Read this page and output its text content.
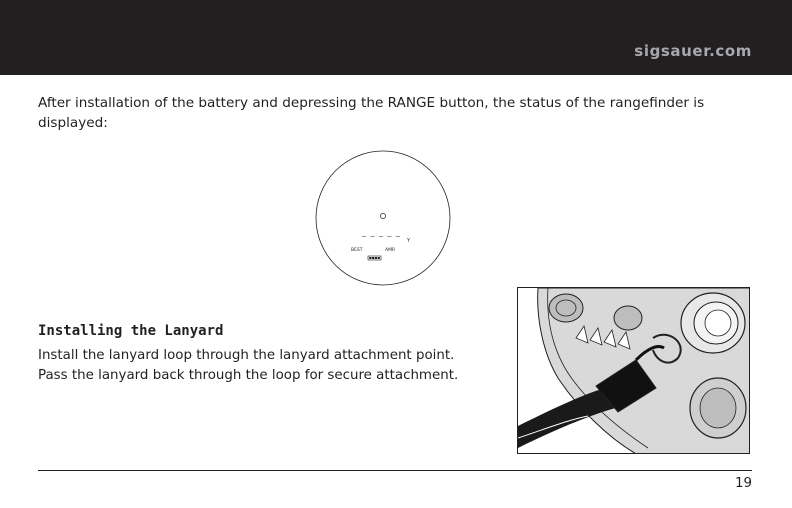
sigsauer.com

After installation of the battery and depressing the RANGE button, the status of the rangefinder is displayed:

– – – – –
Y
BEST	AMR
Installing the Lanyard
Install the lanyard loop through the lanyard attachment point.
Pass the lanyard back through the loop for secure attachment.
19
